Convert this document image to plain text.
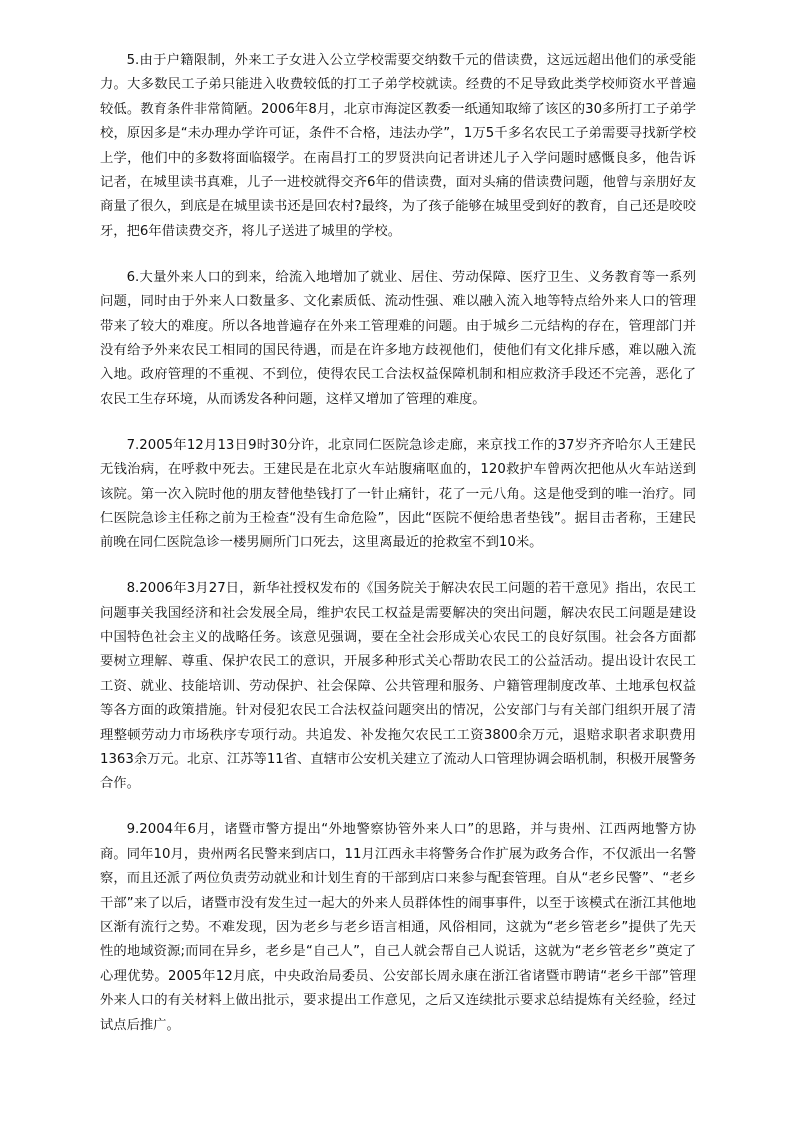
5.由于户籍限制，外来工子女进入公立学校需要交纳数千元的借读费，这远远超出他们的承受能力。大多数民工子弟只能进入收费较低的打工子弟学校就读。经费的不足导致此类学校师资水平普遍较低。教育条件非常简陋。2006年8月，北京市海淀区教委一纸通知取缔了该区的30多所打工子弟学校，原因多是“未办理办学许可证，条件不合格，违法办学”，1万5千多名农民工子弟需要寻找新学校上学，他们中的多数将面临辍学。在南昌打工的罗贤洪向记者讲述儿子入学问题时感慨良多，他告诉记者，在城里读书真难，儿子一进校就得交齐6年的借读费，面对头痛的借读费问题，他曾与亲朋好友商量了很久，到底是在城里读书还是回农村?最终，为了孩子能够在城里受到好的教育，自己还是咬咬牙，把6年借读费交齐，将儿子送进了城里的学校。

6.大量外来人口的到来，给流入地增加了就业、居住、劳动保障、医疗卫生、义务教育等一系列问题，同时由于外来人口数量多、文化素质低、流动性强、难以融入流入地等特点给外来人口的管理带来了较大的难度。所以各地普遍存在外来工管理难的问题。由于城乡二元结构的存在，管理部门并没有给予外来农民工相同的国民待遇，而是在许多地方歧视他们，使他们有文化排斥感，难以融入流入地。政府管理的不重视、不到位，使得农民工合法权益保障机制和相应救济手段还不完善，恶化了农民工生存环境，从而诱发各种问题，这样又增加了管理的难度。

7.2005年12月13日9时30分许，北京同仁医院急诊走廊，来京找工作的37岁齐齐哈尔人王建民无钱治病，在呼救中死去。王建民是在北京火车站腹痛呕血的，120救护车曾两次把他从火车站送到该院。第一次入院时他的朋友替他垫钱打了一针止痛针，花了一元八角。这是他受到的唯一治疗。同仁医院急诊主任称之前为王检查“没有生命危险”，因此“医院不便给患者垫钱”。据目击者称，王建民前晚在同仁医院急诊一楼男厕所门口死去，这里离最近的抢救室不到10米。

8.2006年3月27日，新华社授权发布的《国务院关于解决农民工问题的若干意见》指出，农民工问题事关我国经济和社会发展全局，维护农民工权益是需要解决的突出问题，解决农民工问题是建设中国特色社会主义的战略任务。该意见强调，要在全社会形成关心农民工的良好氛围。社会各方面都要树立理解、尊重、保护农民工的意识，开展多种形式关心帮助农民工的公益活动。提出设计农民工工资、就业、技能培训、劳动保护、社会保障、公共管理和服务、户籍管理制度改革、土地承包权益等各方面的政策措施。针对侵犯农民工合法权益问题突出的情况，公安部门与有关部门组织开展了清理整顿劳动力市场秩序专项行动。共追发、补发拖欠农民工工资3800余万元，退赔求职者求职费用1363余万元。北京、江苏等11省、直辖市公安机关建立了流动人口管理协调会晤机制，积极开展警务合作。

9.2004年6月，诸暨市警方提出“外地警察协管外来人口”的思路，并与贵州、江西两地警方协商。同年10月，贵州两名民警来到店口，11月江西永丰将警务合作扩展为政务合作，不仅派出一名警察，而且还派了两位负责劳动就业和计划生育的干部到店口来参与配套管理。自从“老乡民警”、“老乡干部”来了以后，诸暨市没有发生过一起大的外来人员群体性的闹事事件，以至于该模式在浙江其他地区渐有流行之势。不难发现，因为老乡与老乡语言相通，风俗相同，这就为“老乡管老乡”提供了先天性的地域资源;而同在异乡，老乡是“自己人”，自己人就会帮自己人说话，这就为“老乡管老乡”奠定了心理优势。2005年12月底，中央政治局委员、公安部长周永康在浙江省诸暨市聘请“老乡干部”管理外来人口的有关材料上做出批示，要求提出工作意见，之后又连续批示要求总结提炼有关经验，经过试点后推广。
